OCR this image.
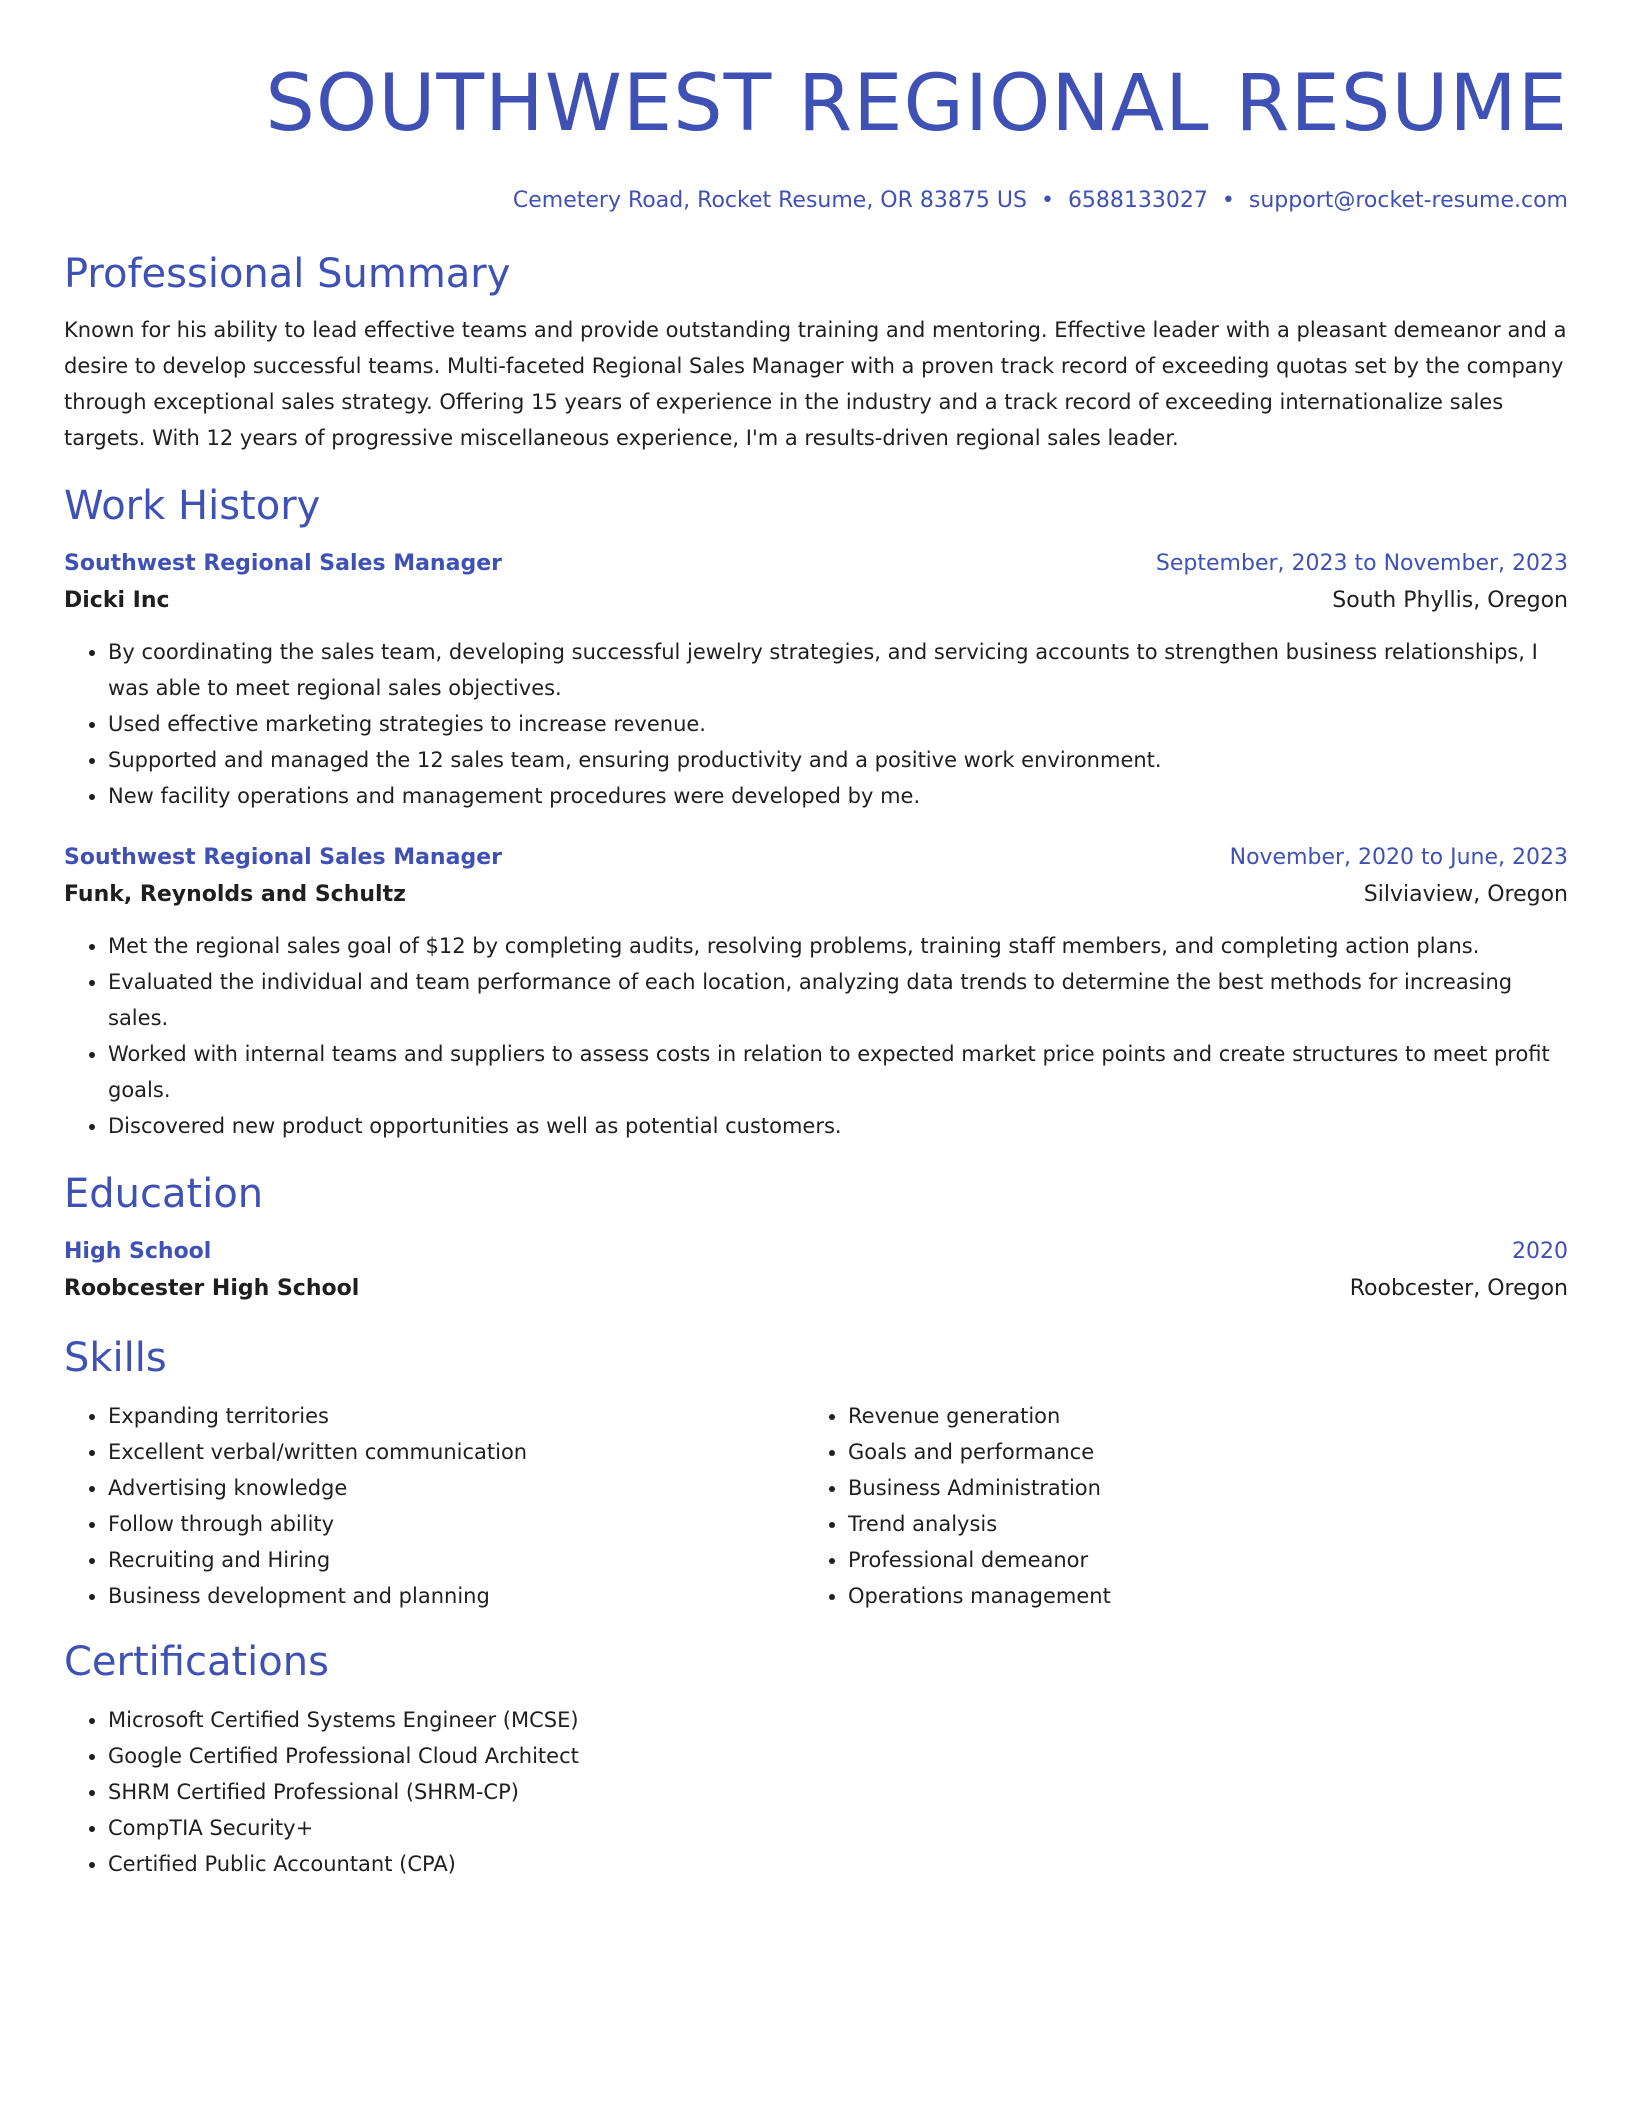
SOUTHWEST REGIONAL RESUME
Cemetery Road, Rocket Resume, OR 83875 US • 6588133027 • support@rocket-resume.com
Professional Summary

Known for his ability to lead effective teams and provide outstanding training and mentoring. Effective leader with a pleasant demeanor and a desire to develop successful teams. Multi-faceted Regional Sales Manager with a proven track record of exceeding quotas set by the company through exceptional sales strategy. Offering 15 years of experience in the industry and a track record of exceeding internationalize sales targets. With 12 years of progressive miscellaneous experience, I'm a results-driven regional sales leader.

Work History
Southwest Regional Sales Manager	September, 2023 to November, 2023
Dicki Inc	South Phyllis, Oregon
• By coordinating the sales team, developing successful jewelry strategies, and servicing accounts to strengthen business relationships, I was able to meet regional sales objectives.
• Used effective marketing strategies to increase revenue.
• Supported and managed the 12 sales team, ensuring productivity and a positive work environment.
• New facility operations and management procedures were developed by me.
Southwest Regional Sales Manager	November, 2020 to June, 2023
Funk, Reynolds and Schultz	Silviaview, Oregon
• Met the regional sales goal of $12 by completing audits, resolving problems, training staff members, and completing action plans.
• Evaluated the individual and team performance of each location, analyzing data trends to determine the best methods for increasing sales.
• Worked with internal teams and suppliers to assess costs in relation to expected market price points and create structures to meet profit goals.
• Discovered new product opportunities as well as potential customers.
Education
High School	2020
Roobcester High School	Roobcester, Oregon
Skills
• Expanding territories
• Excellent verbal/written communication
• Advertising knowledge
• Follow through ability
• Recruiting and Hiring
• Business development and planning
• Revenue generation
• Goals and performance
• Business Administration
• Trend analysis
• Professional demeanor
• Operations management
Certifications
• Microsoft Certified Systems Engineer (MCSE)
• Google Certified Professional Cloud Architect
• SHRM Certified Professional (SHRM-CP)
• CompTIA Security+
• Certified Public Accountant (CPA)
